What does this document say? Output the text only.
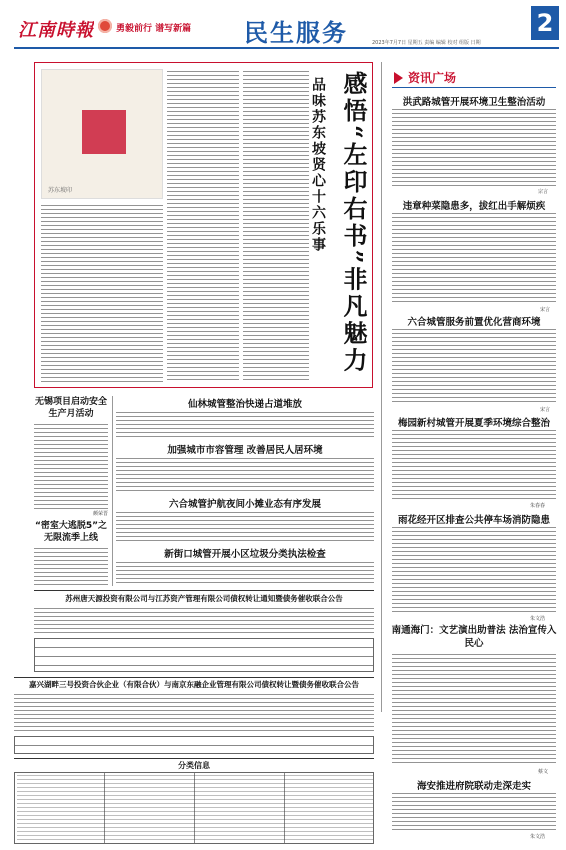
江南時報 勇毅前行 谱写新篇 民生服务	2023年7月7日 星期五 责编 编辑 校对 组版 日期
2
感悟“左印右书”非凡魅力
品味苏东坡贤心十六乐事
苏东坡印
资讯广场
洪武路城管开展环境卫生整治活动
宗言
违章种菜隐患多，拔红出手解烦疾
宋言
六合城管服务前置优化营商环境
宋言
梅园新村城管开展夏季环境综合整治
朱春春
雨花经开区排查公共停车场消防隐患
朱文浩
南通海门：文艺演出助普法 法治宣传入民心
蔡文
海安推进府院联动走深走实
朱文浩
无锡项目启动安全生产月活动
颜荣晋
“密室大逃脱5”之无限流季上线
仙林城管整治快递占道堆放
加强城市市容管理 改善居民人居环境
六合城管护航夜间小摊业态有序发展
新街口城管开展小区垃圾分类执法检查
苏州唐天源投资有限公司与江苏资产管理有限公司债权转让通知暨债务催收联合公告
嘉兴湖畔三号投资合伙企业（有限合伙）与南京东融企业管理有限公司债权转让暨债务催收联合公告
分类信息
